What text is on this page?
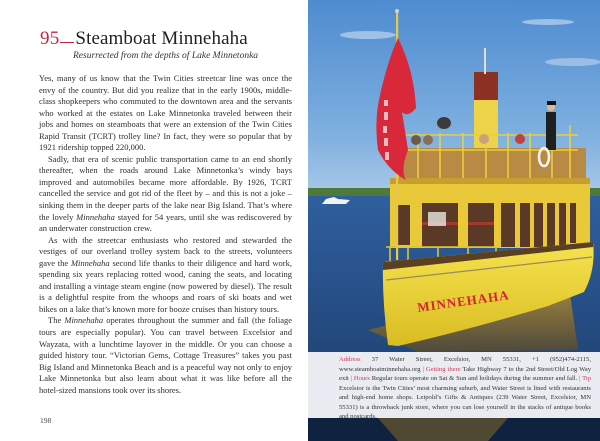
95 Steamboat Minnehaha
Resurrected from the depths of Lake Minnetonka

Yes, many of us know that the Twin Cities streetcar line was once the envy of the country. But did you realize that in the early 1900s, middle-class shopkeepers who commuted to the downtown area and the servants who worked at the estates on Lake Minnetonka traveled between their jobs and homes on steamboats that were an extension of the Twin Cities Rapid Transit (TCRT) trolley line? In fact, they were so popular that by 1921 ridership topped 220,000.

Sadly, that era of scenic public transportation came to an end shortly thereafter, when the roads around Lake Minnetonka’s windy bays improved and automobiles became more affordable. By 1926, TCRT cancelled the service and got rid of the fleet by – and this is not a joke – sinking them in the deeper parts of the lake near Big Island. That’s where the lovely Minnehaha stayed for 54 years, until she was rediscovered by an underwater construction crew.

As with the streetcar enthusiasts who restored and stewarded the vestiges of our overland trolley system back to the streets, volunteers gave the Minnehaha second life thanks to their diligence and hard work, spending six years replacing rotted wood, caning the seats, and locating and installing a vintage steam engine (now powered by diesel). The result is a delightful respite from the whoops and roars of ski boats and wet bikes on a lake that’s known more for booze cruises than history tours.

The Minnehaha operates throughout the summer and fall (the foliage tours are especially popular). You can travel between Excelsior and Wayzata, with a lunchtime layover in the middle. Or you can choose a guided history tour. “Victorian Gems, Cottage Treasures” takes you past Big Island and Minnetonka Beach and is a peaceful way not only to enjoy Lake Minnetonka but also learn about what it was like before all the hotel-sized mansions took over its shores.

198
MINNEHAHA
Address 37 Water Street, Excelsior, MN 55331, +1 (952)474-2115, www.steamboatminnehaha.org | Getting there Take Highway 7 to the 2nd Street/Old Log Way exit | Hours Regular tours operate on Sat & Sun and holidays during the summer and fall. | Tip Excelsior is the Twin Cities’ most charming suburb, and Water Street is lined with restaurants and high-end home shops. Leipold’s Gifts & Antiques (239 Water Street, Excelsior, MN 55331) is a throwback junk store, where you can lose yourself in the stacks of antique books and postcards.
